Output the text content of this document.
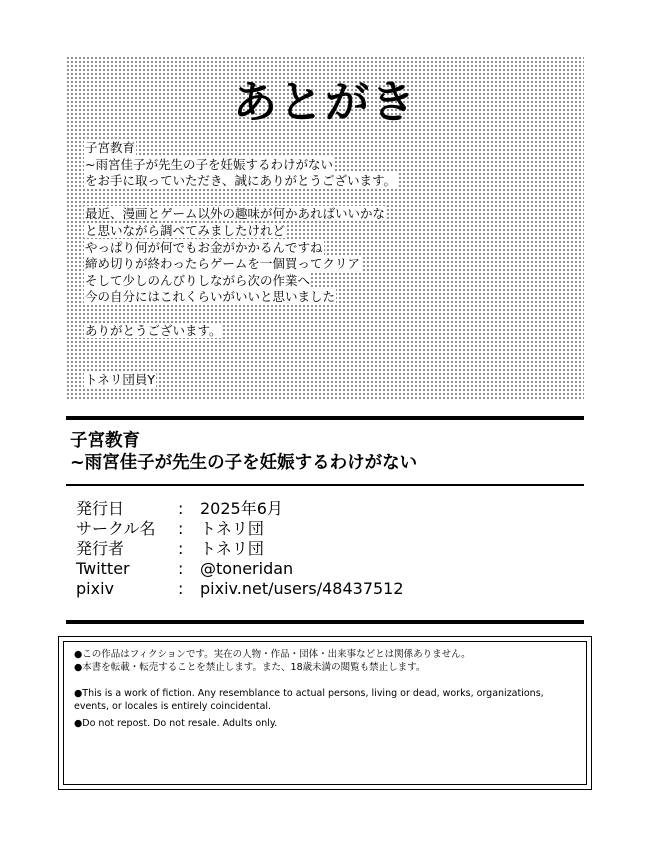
あとがき
子宮教育
~雨宮佳子が先生の子を妊娠するわけがない
をお手に取っていただき、誠にありがとうございます。
最近、漫画とゲーム以外の趣味が何かあればいいかな
と思いながら調べてみましたけれど
やっぱり何が何でもお金がかかるんですね
締め切りが終わったらゲームを一個買ってクリア
そして少しのんびりしながら次の作業へ
今の自分にはこれくらいがいいと思いました
ありがとうございます。
トネリ団員Y
子宮教育
~雨宮佳子が先生の子を妊娠するわけがない
発行日	:	2025年6月
サークル名	:	トネリ団
発行者	:	トネリ団
Twitter	:	@toneridan
pixiv	:	pixiv.net/users/48437512
●この作品はフィクションです。実在の人物・作品・団体・出来事などとは関係ありません。
●本書を転載・転売することを禁止します。また、18歳未満の閲覧も禁止します。
●This is a work of fiction. Any resemblance to actual persons, living or dead, works, organizations, events, or locales is entirely coincidental.
●Do not repost. Do not resale. Adults only.
